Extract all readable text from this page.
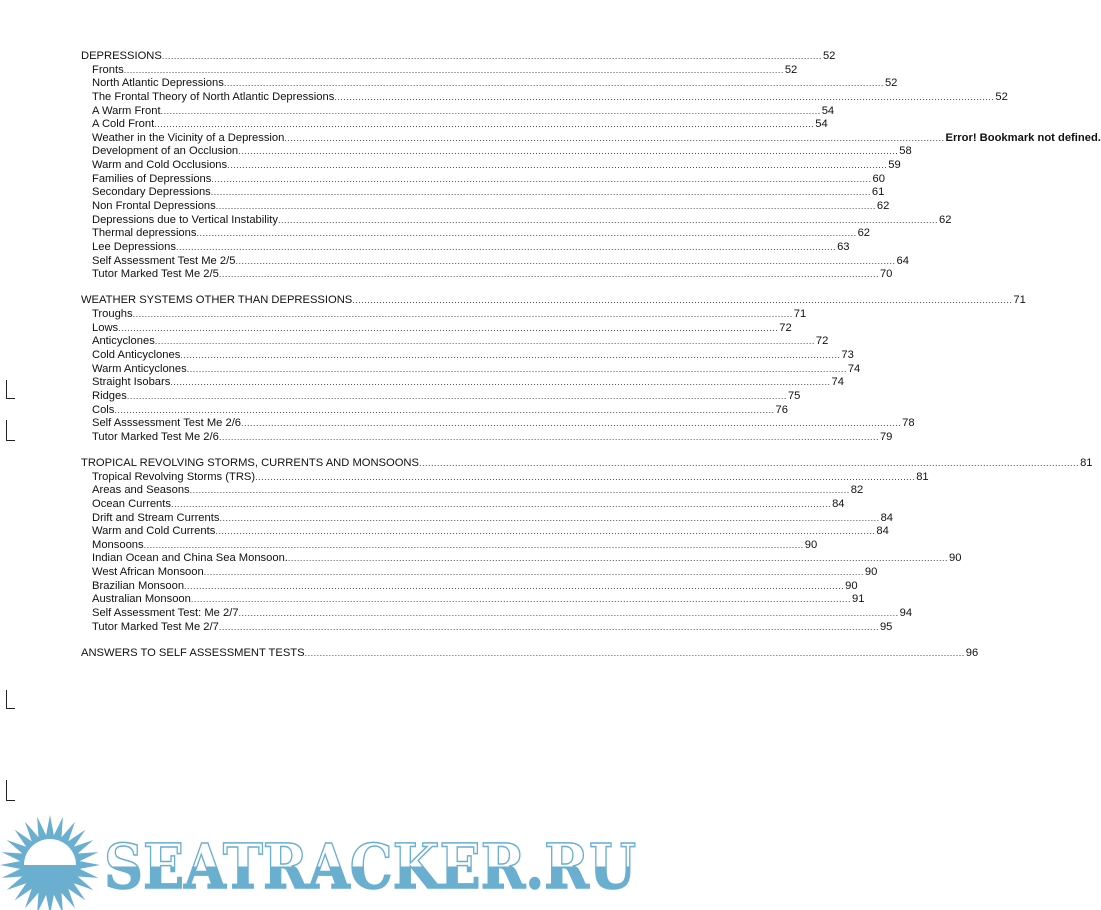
DEPRESSIONS .....	52
Fronts .....	52
North Atlantic Depressions .....	52
The Frontal Theory of North Atlantic Depressions .....	52
A Warm Front .....	54
A Cold Front .....	54
Weather in the Vicinity of a Depression .....	Error! Bookmark not defined.
Development of an Occlusion .....	58
Warm and Cold Occlusions .....	59
Families of Depressions .....	60
Secondary Depressions .....	61
Non Frontal Depressions .....	62
Depressions due to Vertical Instability .....	62
Thermal depressions .....	62
Lee Depressions .....	63
Self Assessment Test Me 2/5 .....	64
Tutor Marked Test Me 2/5 .....	70
WEATHER SYSTEMS OTHER THAN DEPRESSIONS .....	71
Troughs .....	71
Lows .....	72
Anticyclones .....	72
Cold Anticyclones .....	73
Warm Anticyclones .....	74
Straight Isobars .....	74
Ridges .....	75
Cols .....	76
Self Asssessment Test Me 2/6 .....	78
Tutor Marked Test Me 2/6 .....	79
TROPICAL REVOLVING STORMS, CURRENTS AND MONSOONS .....	81
Tropical Revolving Storms (TRS) .....	81
Areas and Seasons .....	82
Ocean Currents .....	84
Drift and Stream Currents .....	84
Warm and Cold Currents .....	84
Monsoons .....	90
Indian Ocean and China Sea Monsoon. .....	90
West African Monsoon .....	90
Brazilian Monsoon .....	90
Australian Monsoon .....	91
Self Assessment Test: Me 2/7 .....	94
Tutor Marked Test Me 2/7 .....	95
ANSWERS TO SELF ASSESSMENT TESTS .....	96
SEATRACKER.RU
